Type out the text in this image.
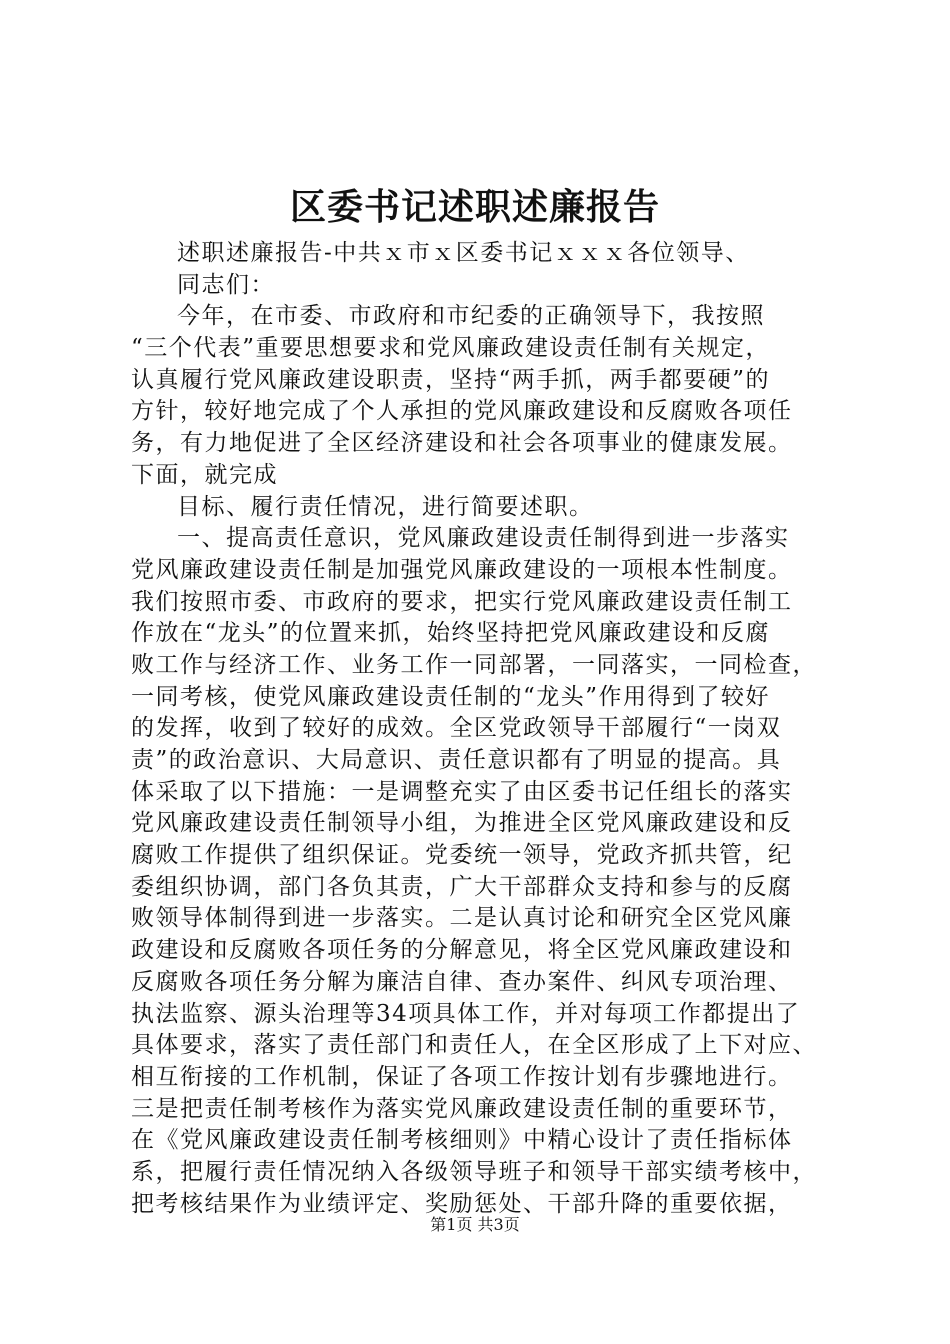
区委书记述职述廉报告

述职述廉报告-中共ｘ市ｘ区委书记ｘｘｘ各位领导、

同志们：

今年，在市委、市政府和市纪委的正确领导下，我按照

“三个代表”重要思想要求和党风廉政建设责任制有关规定，

认真履行党风廉政建设职责，坚持“两手抓，两手都要硬”的

方针，较好地完成了个人承担的党风廉政建设和反腐败各项任

务，有力地促进了全区经济建设和社会各项事业的健康发展。

下面，就完成

目标、履行责任情况，进行简要述职。

一、提高责任意识，党风廉政建设责任制得到进一步落实

党风廉政建设责任制是加强党风廉政建设的一项根本性制度。

我们按照市委、市政府的要求，把实行党风廉政建设责任制工

作放在“龙头”的位置来抓，始终坚持把党风廉政建设和反腐

败工作与经济工作、业务工作一同部署，一同落实，一同检查，

一同考核，使党风廉政建设责任制的“龙头”作用得到了较好

的发挥，收到了较好的成效。全区党政领导干部履行“一岗双

责”的政治意识、大局意识、责任意识都有了明显的提高。具

体采取了以下措施：一是调整充实了由区委书记任组长的落实

党风廉政建设责任制领导小组，为推进全区党风廉政建设和反

腐败工作提供了组织保证。党委统一领导，党政齐抓共管，纪

委组织协调，部门各负其责，广大干部群众支持和参与的反腐

败领导体制得到进一步落实。二是认真讨论和研究全区党风廉

政建设和反腐败各项任务的分解意见，将全区党风廉政建设和

反腐败各项任务分解为廉洁自律、查办案件、纠风专项治理、

执法监察、源头治理等34项具体工作，并对每项工作都提出了

具体要求，落实了责任部门和责任人，在全区形成了上下对应、

相互衔接的工作机制，保证了各项工作按计划有步骤地进行。

三是把责任制考核作为落实党风廉政建设责任制的重要环节，

在《党风廉政建设责任制考核细则》中精心设计了责任指标体

系，把履行责任情况纳入各级领导班子和领导干部实绩考核中，

把考核结果作为业绩评定、奖励惩处、干部升降的重要依据，

第1页 共3页
